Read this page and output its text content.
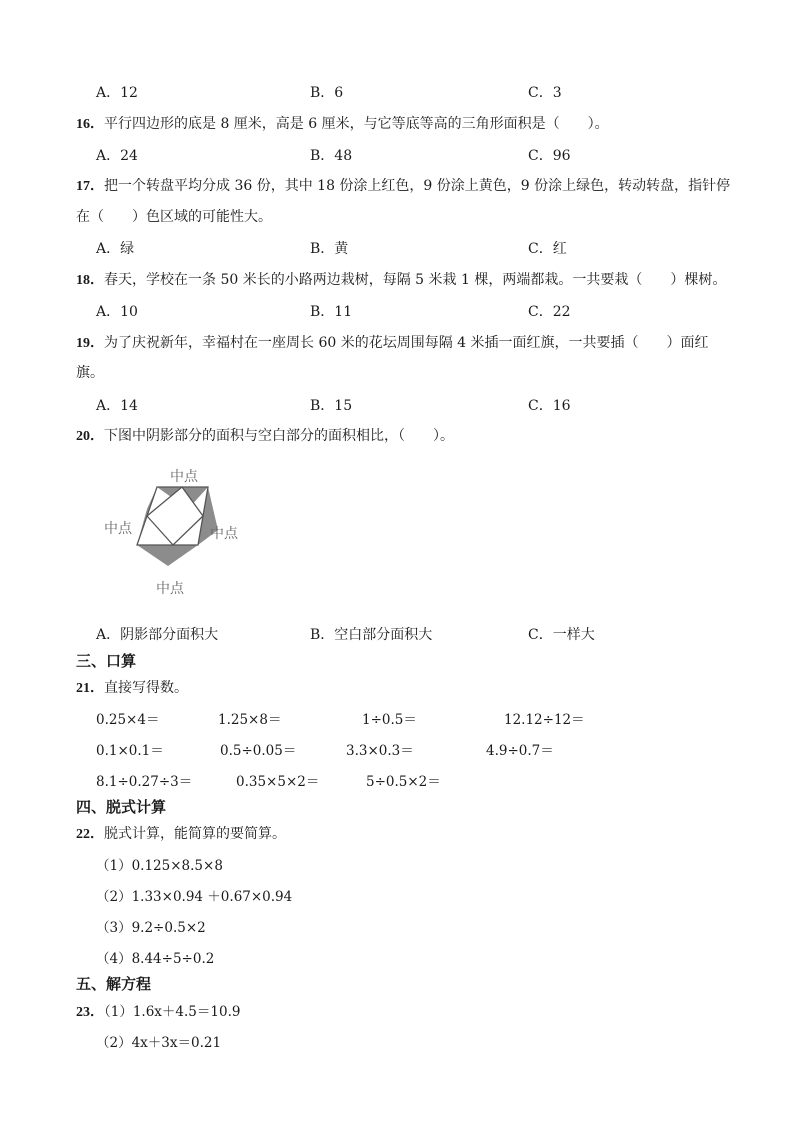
A．12	B．6	C．3
16．平行四边形的底是 8 厘米，高是 6 厘米，与它等底等高的三角形面积是（　　）。
A．24	B．48	C．96
17．把一个转盘平均分成 36 份，其中 18 份涂上红色，9 份涂上黄色，9 份涂上绿色，转动转盘，指针停
在（　　）色区域的可能性大。
A．绿	B．黄	C．红
18．春天，学校在一条 50 米长的小路两边栽树，每隔 5 米栽 1 棵，两端都栽。一共要栽（　　）棵树。
A．10	B．11	C．22
19．为了庆祝新年，幸福村在一座周长 60 米的花坛周围每隔 4 米插一面红旗，一共要插（　　）面红
旗。
A．14	B．15	C．16
20．下图中阴影部分的面积与空白部分的面积相比，（　　）。
中点
中点	中点
中点
A．阴影部分面积大	B．空白部分面积大	C．一样大
三、口算
21．直接写得数。
0.25×4＝	1.25×8＝	1÷0.5＝	12.12÷12＝
0.1×0.1＝	0.5÷0.05＝	3.3×0.3＝	4.9÷0.7＝
8.1÷0.27÷3＝	0.35×5×2＝	5÷0.5×2＝
四、脱式计算
22．脱式计算，能简算的要简算。
（1）0.125×8.5×8
（2）1.33×0.94 ＋0.67×0.94
（3）9.2÷0.5×2
（4）8.44÷5÷0.2
五、解方程
23．（1）1.6x＋4.5＝10.9
（2）4x＋3x＝0.21
